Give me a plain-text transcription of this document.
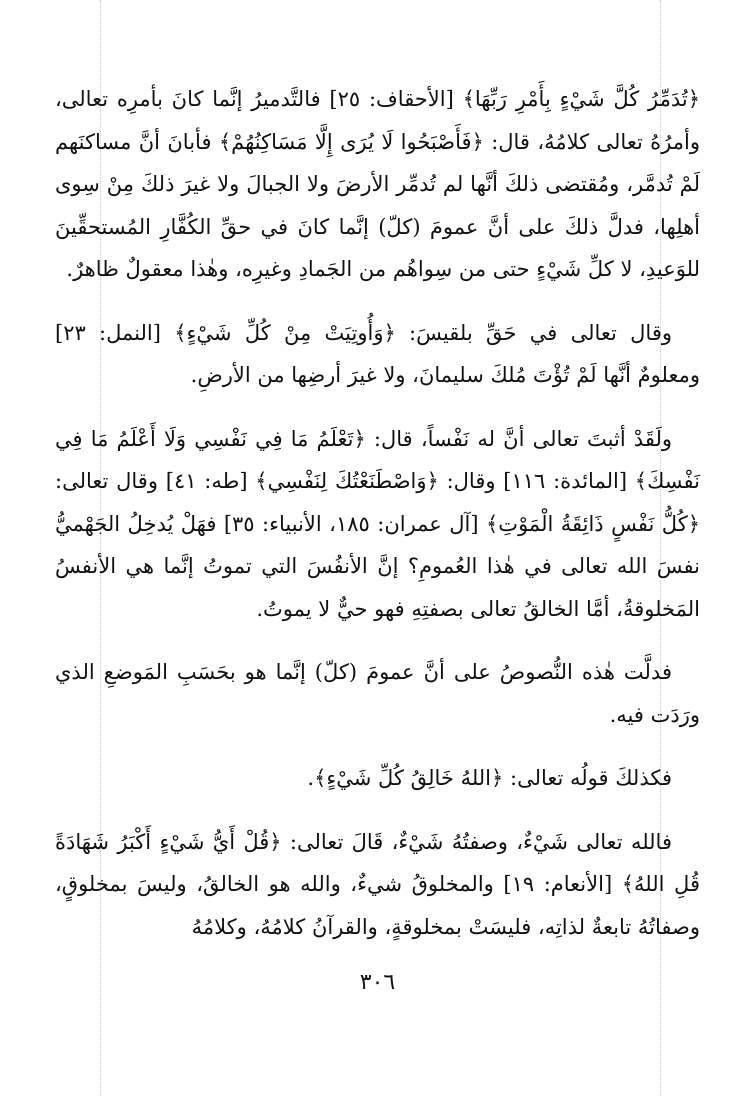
﴿تُدَمِّرُ كُلَّ شَيْءٍ بِأَمْرِ رَبِّهَا﴾ [الأحقاف: ٢٥] فالتَّدميرُ إنَّما كانَ بأمرِه تعالى، وأمرُهُ تعالى كلامُهُ، قال: ﴿فَأَصْبَحُوا لَا يُرَى إِلَّا مَسَاكِنُهُمْ﴾ فأبانَ أنَّ مساكنَهم لَمْ تُدمَّر، ومُقتضى ذلكَ أنَّها لم تُدمِّر الأرضَ ولا الجبالَ ولا غيرَ ذلكَ مِنْ سِوى أهلِها، فدلَّ ذلكَ على أنَّ عمومَ (كلّ) إنَّما كانَ في حقِّ الكُفَّارِ المُستحقِّينَ للوَعيدِ، لا كلِّ شَيْءٍ حتى من سِواهُم من الجَمادِ وغيرِه، وهٰذا معقولٌ ظاهرٌ.

وقال تعالى في حَقِّ بلقيسَ: ﴿وَأُوتِيَتْ مِنْ كُلِّ شَيْءٍ﴾ [النمل: ٢٣] ومعلومٌ أنَّها لَمْ تُؤْتَ مُلكَ سليمانَ، ولا غيرَ أرضِها من الأرضِ.

ولَقَدْ أثبتَ تعالى أنَّ له نَفْساً، قال: ﴿تَعْلَمُ مَا فِي نَفْسِي وَلَا أَعْلَمُ مَا فِي نَفْسِكَ﴾ [المائدة: ١١٦] وقال: ﴿وَاصْطَنَعْتُكَ لِنَفْسِي﴾ [طه: ٤١] وقال تعالى: ﴿كُلُّ نَفْسٍ ذَائِقَةُ الْمَوْتِ﴾ [آل عمران: ١٨٥، الأنبياء: ٣٥] فهَلْ يُدخِلُ الجَهْميُّ نفسَ الله تعالى في هٰذا العُمومِ؟ إنَّ الأنفُسَ التي تموتُ إنَّما هي الأنفسُ المَخلوقةُ، أمَّا الخالقُ تعالى بصفتِهِ فهو حيٌّ لا يموتُ.

فدلَّت هٰذه النُّصوصُ على أنَّ عمومَ (كلّ) إنَّما هو بحَسَبِ المَوضعِ الذي ورَدَت فيه.

فكذلكَ قولُه تعالى: ﴿اللهُ خَالِقُ كُلِّ شَيْءٍ﴾.

فالله تعالى شَيْءٌ، وصفتُهُ شَيْءٌ، قَالَ تعالى: ﴿قُلْ أَيُّ شَيْءٍ أَكْبَرُ شَهَادَةً قُلِ اللهُ﴾ [الأنعام: ١٩] والمخلوقُ شيءٌ، والله هو الخالقُ، وليسَ بمخلوقٍ، وصفاتُهُ تابعةٌ لذاتِه، فليسَتْ بمخلوقةٍ، والقرآنُ كلامُهُ، وكلامُهُ

٣٠٦
